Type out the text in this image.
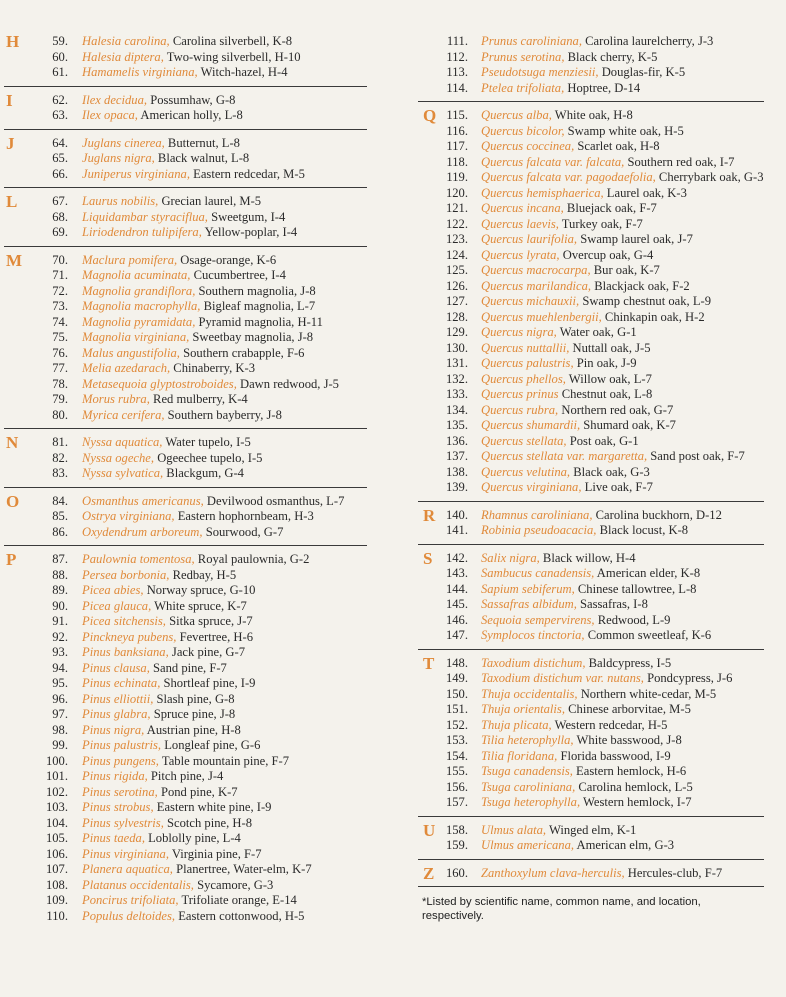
H	59. Halesia carolina, Carolina silverbell, K-8
60. Halesia diptera, Two-wing silverbell, H-10
61. Hamamelis virginiana, Witch-hazel, H-4
I	62. Ilex decidua, Possumhaw, G-8
63. Ilex opaca, American holly, L-8
J	64. Juglans cinerea, Butternut, L-8
65. Juglans nigra, Black walnut, L-8
66. Juniperus virginiana, Eastern redcedar, M-5
L	67. Laurus nobilis, Grecian laurel, M-5
68. Liquidambar styraciflua, Sweetgum, I-4
69. Liriodendron tulipifera, Yellow-poplar, I-4
M	70. Maclura pomifera, Osage-orange, K-6
71. Magnolia acuminata, Cucumbertree, I-4
72. Magnolia grandiflora, Southern magnolia, J-8
73. Magnolia macrophylla, Bigleaf magnolia, L-7
74. Magnolia pyramidata, Pyramid magnolia, H-11
75. Magnolia virginiana, Sweetbay magnolia, J-8
76. Malus angustifolia, Southern crabapple, F-6
77. Melia azedarach, Chinaberry, K-3
78. Metasequoia glyptostroboides, Dawn redwood, J-5
79. Morus rubra, Red mulberry, K-4
80. Myrica cerifera, Southern bayberry, J-8
N	81. Nyssa aquatica, Water tupelo, I-5
82. Nyssa ogeche, Ogeechee tupelo, I-5
83. Nyssa sylvatica, Blackgum, G-4
O	84. Osmanthus americanus, Devilwood osmanthus, L-7
85. Ostrya virginiana, Eastern hophornbeam, H-3
86. Oxydendrum arboreum, Sourwood, G-7
P	87. Paulownia tomentosa, Royal paulownia, G-2
88. Persea borbonia, Redbay, H-5
89. Picea abies, Norway spruce, G-10
90. Picea glauca, White spruce, K-7
91. Picea sitchensis, Sitka spruce, J-7
92. Pinckneya pubens, Fevertree, H-6
93. Pinus banksiana, Jack pine, G-7
94. Pinus clausa, Sand pine, F-7
95. Pinus echinata, Shortleaf pine, I-9
96. Pinus elliottii, Slash pine, G-8
97. Pinus glabra, Spruce pine, J-8
98. Pinus nigra, Austrian pine, H-8
99. Pinus palustris, Longleaf pine, G-6
100. Pinus pungens, Table mountain pine, F-7
101. Pinus rigida, Pitch pine, J-4
102. Pinus serotina, Pond pine, K-7
103. Pinus strobus, Eastern white pine, I-9
104. Pinus sylvestris, Scotch pine, H-8
105. Pinus taeda, Loblolly pine, L-4
106. Pinus virginiana, Virginia pine, F-7
107. Planera aquatica, Planertree, Water-elm, K-7
108. Platanus occidentalis, Sycamore, G-3
109. Poncirus trifoliata, Trifoliate orange, E-14
110. Populus deltoides, Eastern cottonwood, H-5
111. Prunus caroliniana, Carolina laurelcherry, J-3
112. Prunus serotina, Black cherry, K-5
113. Pseudotsuga menziesii, Douglas-fir, K-5
114. Ptelea trifoliata, Hoptree, D-14
Q 115. Quercus alba, White oak, H-8
116. Quercus bicolor, Swamp white oak, H-5
117. Quercus coccinea, Scarlet oak, H-8
118. Quercus falcata var. falcata, Southern red oak, I-7
119. Quercus falcata var. pagodaefolia, Cherrybark oak, G-3
120. Quercus hemisphaerica, Laurel oak, K-3
121. Quercus incana, Bluejack oak, F-7
122. Quercus laevis, Turkey oak, F-7
123. Quercus laurifolia, Swamp laurel oak, J-7
124. Quercus lyrata, Overcup oak, G-4
125. Quercus macrocarpa, Bur oak, K-7
126. Quercus marilandica, Blackjack oak, F-2
127. Quercus michauxii, Swamp chestnut oak, L-9
128. Quercus muehlenbergii, Chinkapin oak, H-2
129. Quercus nigra, Water oak, G-1
130. Quercus nuttallii, Nuttall oak, J-5
131. Quercus palustris, Pin oak, J-9
132. Quercus phellos, Willow oak, L-7
133. Quercus prinus Chestnut oak, L-8
134. Quercus rubra, Northern red oak, G-7
135. Quercus shumardii, Shumard oak, K-7
136. Quercus stellata, Post oak, G-1
137. Quercus stellata var. margaretta, Sand post oak, F-7
138. Quercus velutina, Black oak, G-3
139. Quercus virginiana, Live oak, F-7
R 140. Rhamnus caroliniana, Carolina buckhorn, D-12
141. Robinia pseudoacacia, Black locust, K-8
S	142. Salix nigra, Black willow, H-4
143. Sambucus canadensis, American elder, K-8
144. Sapium sebiferum, Chinese tallowtree, L-8
145. Sassafras albidum, Sassafras, I-8
146. Sequoia sempervirens, Redwood, L-9
147. Symplocos tinctoria, Common sweetleaf, K-6
T 148. Taxodium distichum, Baldcypress, I-5
149. Taxodium distichum var. nutans, Pondcypress, J-6
150. Thuja occidentalis, Northern white-cedar, M-5
151. Thuja orientalis, Chinese arborvitae, M-5
152. Thuja plicata, Western redcedar, H-5
153. Tilia heterophylla, White basswood, J-8
154. Tilia floridana, Florida basswood, I-9
155. Tsuga canadensis, Eastern hemlock, H-6
156. Tsuga caroliniana, Carolina hemlock, L-5
157. Tsuga heterophylla, Western hemlock, I-7
U 158. Ulmus alata, Winged elm, K-1
159. Ulmus americana, American elm, G-3
Z 160. Zanthoxylum clava-herculis, Hercules-club, F-7
*Listed by scientific name, common name, and location, respectively.
